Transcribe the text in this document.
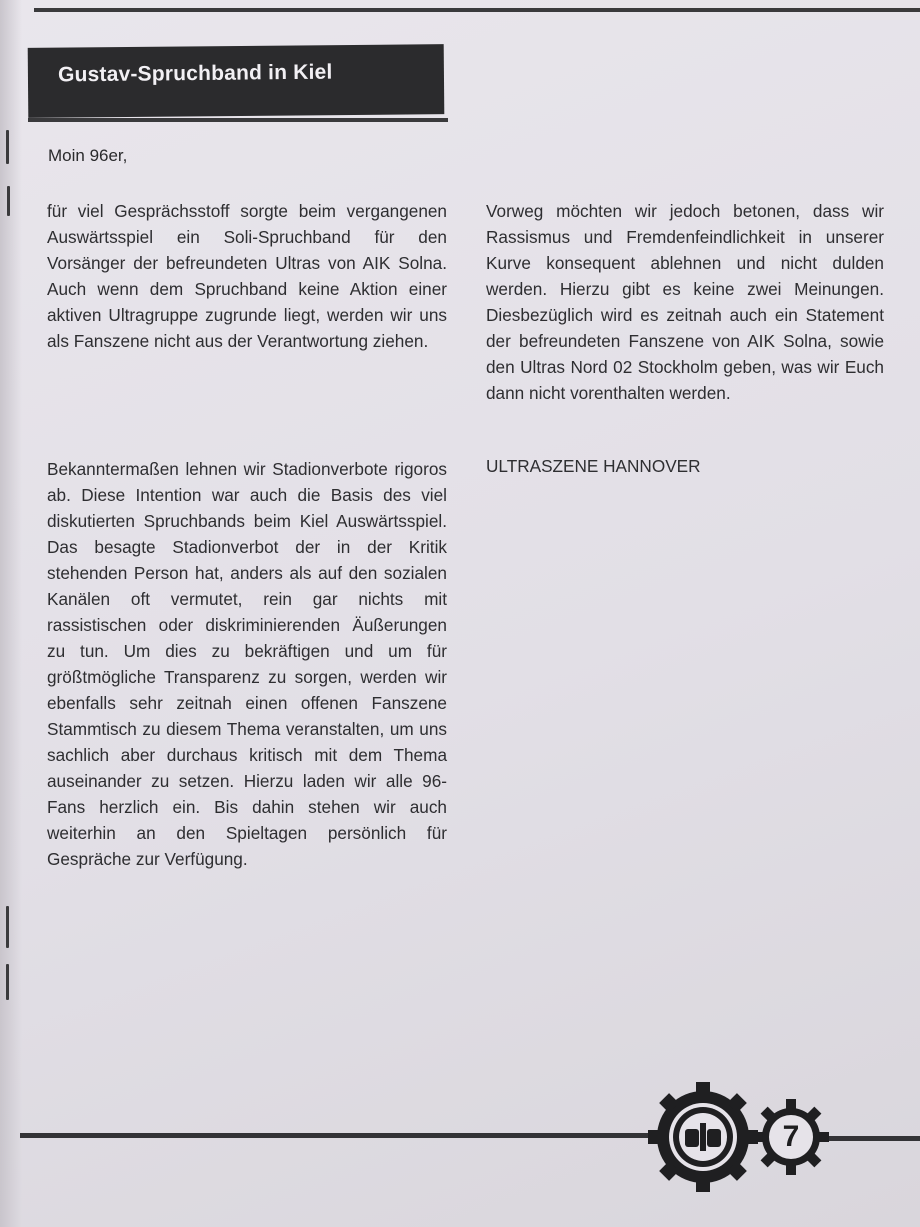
Gustav-Spruchband in Kiel
Moin 96er,

für viel Gesprächsstoff sorgte beim vergangenen Auswärtsspiel ein Soli-Spruchband für den Vorsänger der befreundeten Ultras von AIK Solna. Auch wenn dem Spruchband keine Aktion einer aktiven Ultragruppe zugrunde liegt, werden wir uns als Fanszene nicht aus der Verantwortung ziehen.

Bekanntermaßen lehnen wir Stadionverbote rigoros ab. Diese Intention war auch die Basis des viel diskutierten Spruchbands beim Kiel Auswärtsspiel. Das besagte Stadionverbot der in der Kritik stehenden Person hat, anders als auf den sozialen Kanälen oft vermutet, rein gar nichts mit rassistischen oder diskriminierenden Äußerungen zu tun. Um dies zu bekräftigen und um für größtmögliche Transparenz zu sorgen, werden wir ebenfalls sehr zeitnah einen offenen Fanszene Stammtisch zu diesem Thema veranstalten, um uns sachlich aber durchaus kritisch mit dem Thema auseinander zu setzen. Hierzu laden wir alle 96-Fans herzlich ein. Bis dahin stehen wir auch weiterhin an den Spieltagen persönlich für Gespräche zur Verfügung.

Vorweg möchten wir jedoch betonen, dass wir Rassismus und Fremdenfeindlichkeit in unserer Kurve konsequent ablehnen und nicht dulden werden. Hierzu gibt es keine zwei Meinungen. Diesbezüglich wird es zeitnah auch ein Statement der befreundeten Fanszene von AIK Solna, sowie den Ultras Nord 02 Stockholm geben, was wir Euch dann nicht vorenthalten werden.

ULTRASZENE HANNOVER
7
